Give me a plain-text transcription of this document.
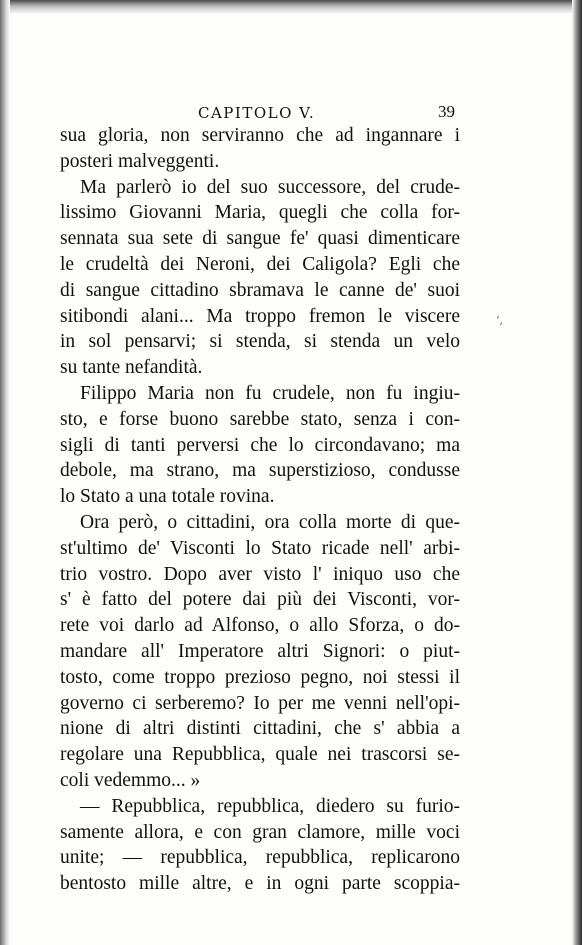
CAPITOLO V.	39
sua gloria, non serviranno che ad ingannare i
posteri malveggenti.
Ma parlerò io del suo successore, del crude-
lissimo Giovanni Maria, quegli che colla for-
sennata sua sete di sangue fe' quasi dimenticare
le crudeltà dei Neroni, dei Caligola? Egli che
di sangue cittadino sbramava le canne de' suoi
sitibondi alani... Ma troppo fremon le viscere
in sol pensarvi; si stenda, si stenda un velo
su tante nefandità.
Filippo Maria non fu crudele, non fu ingiu-
sto, e forse buono sarebbe stato, senza i con-
sigli di tanti perversi che lo circondavano; ma
debole, ma strano, ma superstizioso, condusse
lo Stato a una totale rovina.
Ora però, o cittadini, ora colla morte di que-
st'ultimo de' Visconti lo Stato ricade nell' arbi-
trio vostro. Dopo aver visto l' iniquo uso che
s' è fatto del potere dai più dei Visconti, vor-
rete voi darlo ad Alfonso, o allo Sforza, o do-
mandare all' Imperatore altri Signori: o piut-
tosto, come troppo prezioso pegno, noi stessi il
governo ci serberemo? Io per me venni nell'opi-
nione di altri distinti cittadini, che s' abbia a
regolare una Repubblica, quale nei trascorsi se-
coli vedemmo... »
— Repubblica, repubblica, diedero su furio-
samente allora, e con gran clamore, mille voci
unite; — repubblica, repubblica, replicarono
bentosto mille altre, e in ogni parte scoppia-
‘,
